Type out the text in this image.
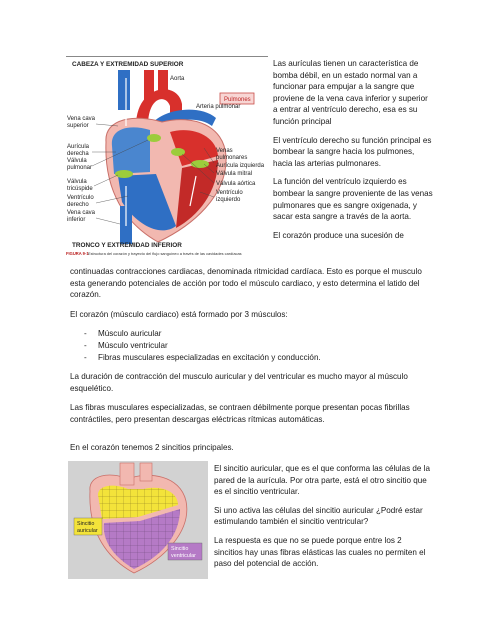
CABEZA Y EXTREMIDAD SUPERIOR
Pulmones
Aorta
Arteria pulmonar
Venas
pulmonares
Aurícula izquierda
Válvula mitral
Válvula aórtica
Ventrículo
izquierdo
Vena cava
superior
Aurícula
derecha
Válvula
pulmonar
Válvula
tricúspide
Ventrículo
derecho
Vena cava
inferior
TRONCO Y EXTREMIDAD INFERIOR
FIGURA 9-1 Estructura del corazón y trayecto del flujo sanguíneo a través de las cavidades cardíacas

Las aurículas tienen un característica de bomba débil, en un estado normal van a funcionar para empujar a la sangre que proviene de la vena cava inferior y superior a entrar al ventrículo derecho, esa es su función principal

El ventrículo derecho su función principal es bombear la sangre hacia los pulmones, hacia las arterias pulmonares.

La función del ventrículo izquierdo es bombear la sangre proveniente de las venas pulmonares que es sangre oxigenada, y sacar esta sangre a través de la aorta.

El corazón produce una sucesión de

continuadas contracciones cardiacas, denominada ritmicidad cardíaca. Esto es porque el musculo esta generando potenciales de acción por todo el músculo cardiaco, y esto determina el latido del corazón.

El corazón (músculo cardiaco) está formado por 3 músculos:

- Músculo auricular
- Músculo ventricular
- Fibras musculares especializadas en excitación y conducción.

La duración de contracción del musculo auricular y del ventricular es mucho mayor al músculo esquelético.

Las fibras musculares especializadas, se contraen débilmente porque presentan pocas fibrillas contráctiles, pero presentan descargas eléctricas rítmicas automáticas.

En el corazón tenemos 2 sincitios principales.
Sincitio
auricular
Sincitio
ventricular

El sincitio auricular, que es el que conforma las células de la pared de la aurícula. Por otra parte, está el otro sincitio que es el sincitio ventricular.

Si uno activa las células del sincitio auricular ¿Podré estar estimulando también el sincitio ventricular?

La respuesta es que no se puede porque entre los 2 sincitios hay unas fibras elásticas las cuales no permiten el paso del potencial de acción.
